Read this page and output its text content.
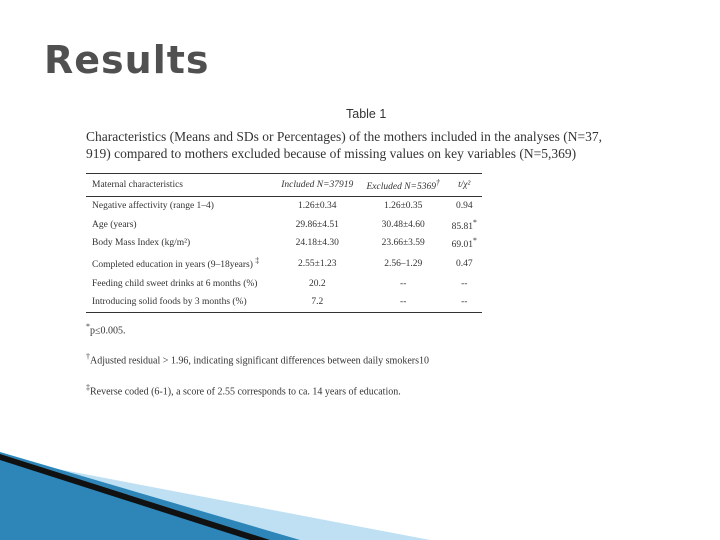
Results
Table 1
Characteristics (Means and SDs or Percentages) of the mothers included in the analyses (N=37, 919) compared to mothers excluded because of missing values on key variables (N=5,369)
Maternal characteristics	Included N=37919	Excluded N=5369†	t/χ²
Negative affectivity (range 1–4)	1.26±0.34	1.26±0.35	0.94
Age (years)	29.86±4.51	30.48±4.60	85.81*
Body Mass Index (kg/m²)	24.18±4.30	23.66±3.59	69.01*
Completed education in years (9–18years) ‡	2.55±1.23	2.56–1.29	0.47
Feeding child sweet drinks at 6 months (%)	20.2	--	--
Introducing solid foods by 3 months (%)	7.2	--	--
*p≤0.005.
†Adjusted residual > 1.96, indicating significant differences between daily smokers10
‡Reverse coded (6-1), a score of 2.55 corresponds to ca. 14 years of education.
